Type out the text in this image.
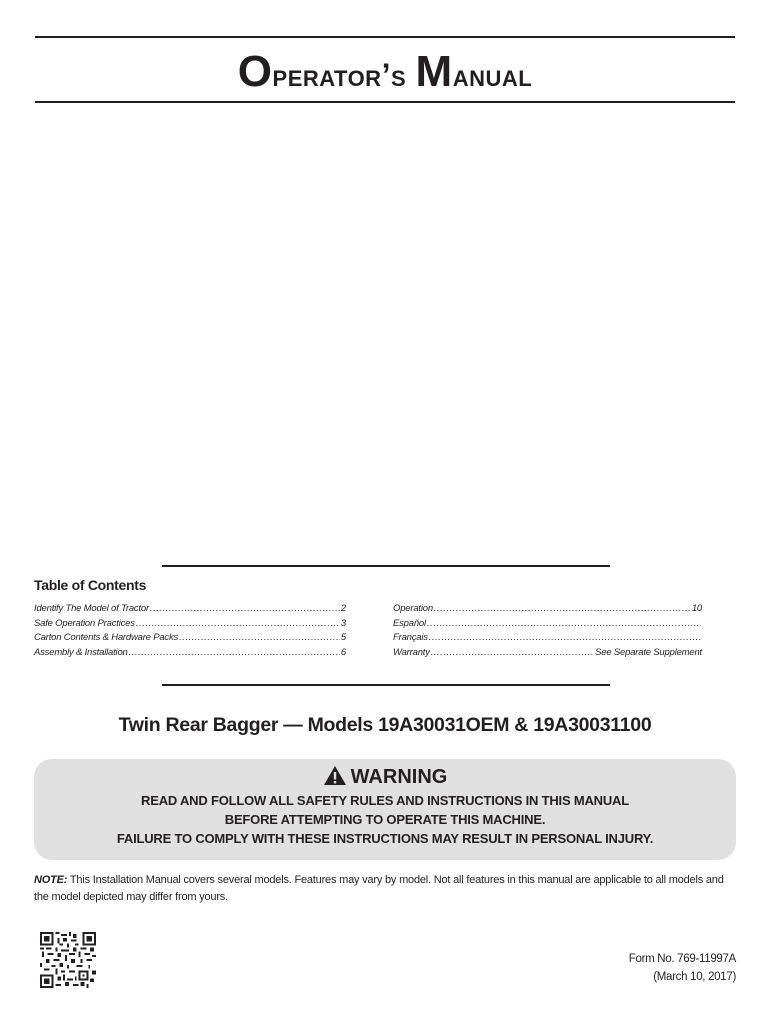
Operator’s Manual
Table of Contents
Identify The Model of Tractor .....	2
Safe Operation Practices .....	3
Carton Contents & Hardware Packs .....	5
Assembly & Installation .....	6
Operation .....	10
Español
.....
Français
.....
Warranty .....	See Separate Supplement
Twin Rear Bagger — Models 19A30031OEM & 19A30031100
WARNING
READ AND FOLLOW ALL SAFETY RULES AND INSTRUCTIONS IN THIS MANUAL
BEFORE ATTEMPTING TO OPERATE THIS MACHINE.
FAILURE TO COMPLY WITH THESE INSTRUCTIONS MAY RESULT IN PERSONAL INJURY.
NOTE: This Installation Manual covers several models. Features may vary by model. Not all features in this manual are applicable to all models and the model depicted may differ from yours.
Form No. 769-11997A
(March 10, 2017)
